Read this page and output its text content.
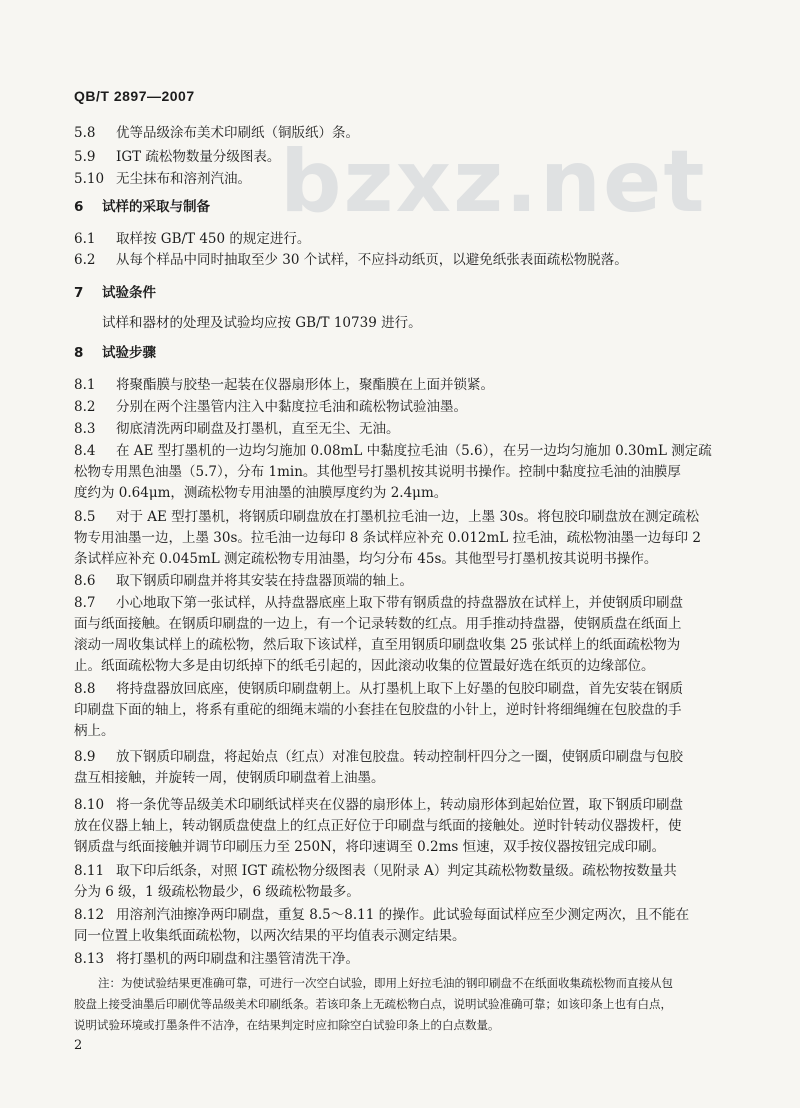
bzxz.net
QB/T 2897—2007
5.8 优等品级涂布美术印刷纸（铜版纸）条。
5.9 IGT 疏松物数量分级图表。
5.10 无尘抹布和溶剂汽油。
6 试样的采取与制备
6.1 取样按 GB/T 450 的规定进行。
6.2 从每个样品中同时抽取至少 30 个试样，不应抖动纸页，以避免纸张表面疏松物脱落。
7 试验条件
试样和器材的处理及试验均应按 GB/T 10739 进行。
8 试验步骤
8.1 将聚酯膜与胶垫一起装在仪器扇形体上，聚酯膜在上面并锁紧。
8.2 分别在两个注墨管内注入中黏度拉毛油和疏松物试验油墨。
8.3 彻底清洗两印刷盘及打墨机，直至无尘、无油。
8.4 在 AE 型打墨机的一边均匀施加 0.08mL 中黏度拉毛油（5.6），在另一边均匀施加 0.30mL 测定疏
松物专用黑色油墨（5.7），分布 1min。其他型号打墨机按其说明书操作。控制中黏度拉毛油的油膜厚
度约为 0.64μm，测疏松物专用油墨的油膜厚度约为 2.4μm。
8.5 对于 AE 型打墨机，将钢质印刷盘放在打墨机拉毛油一边，上墨 30s。将包胶印刷盘放在测定疏松
物专用油墨一边，上墨 30s。拉毛油一边每印 8 条试样应补充 0.012mL 拉毛油，疏松物油墨一边每印 2
条试样应补充 0.045mL 测定疏松物专用油墨，均匀分布 45s。其他型号打墨机按其说明书操作。
8.6 取下钢质印刷盘并将其安装在持盘器顶端的轴上。
8.7 小心地取下第一张试样，从持盘器底座上取下带有钢质盘的持盘器放在试样上，并使钢质印刷盘
面与纸面接触。在钢质印刷盘的一边上，有一个记录转数的红点。用手推动持盘器，使钢质盘在纸面上
滚动一周收集试样上的疏松物，然后取下该试样，直至用钢质印刷盘收集 25 张试样上的纸面疏松物为
止。纸面疏松物大多是由切纸掉下的纸毛引起的，因此滚动收集的位置最好选在纸页的边缘部位。
8.8 将持盘器放回底座，使钢质印刷盘朝上。从打墨机上取下上好墨的包胶印刷盘，首先安装在钢质
印刷盘下面的轴上，将系有重砣的细绳末端的小套挂在包胶盘的小针上，逆时针将细绳缠在包胶盘的手
柄上。
8.9 放下钢质印刷盘，将起始点（红点）对准包胶盘。转动控制杆四分之一圈，使钢质印刷盘与包胶
盘互相接触，并旋转一周，使钢质印刷盘着上油墨。
8.10 将一条优等品级美术印刷纸试样夹在仪器的扇形体上，转动扇形体到起始位置，取下钢质印刷盘
放在仪器上轴上，转动钢质盘使盘上的红点正好位于印刷盘与纸面的接触处。逆时针转动仪器拨杆，使
钢质盘与纸面接触并调节印刷压力至 250N，将印速调至 0.2ms 恒速，双手按仪器按钮完成印刷。
8.11 取下印后纸条，对照 IGT 疏松物分级图表（见附录 A）判定其疏松物数量级。疏松物按数量共
分为 6 级，1 级疏松物最少，6 级疏松物最多。
8.12 用溶剂汽油擦净两印刷盘，重复 8.5～8.11 的操作。此试验每面试样应至少测定两次，且不能在
同一位置上收集纸面疏松物，以两次结果的平均值表示测定结果。
8.13 将打墨机的两印刷盘和注墨管清洗干净。
注：为使试验结果更准确可靠，可进行一次空白试验，即用上好拉毛油的钢印刷盘不在纸面收集疏松物而直接从包
胶盘上接受油墨后印刷优等品级美术印刷纸条。若该印条上无疏松物白点，说明试验准确可靠；如该印条上也有白点，
说明试验环境或打墨条件不洁净，在结果判定时应扣除空白试验印条上的白点数量。
2
